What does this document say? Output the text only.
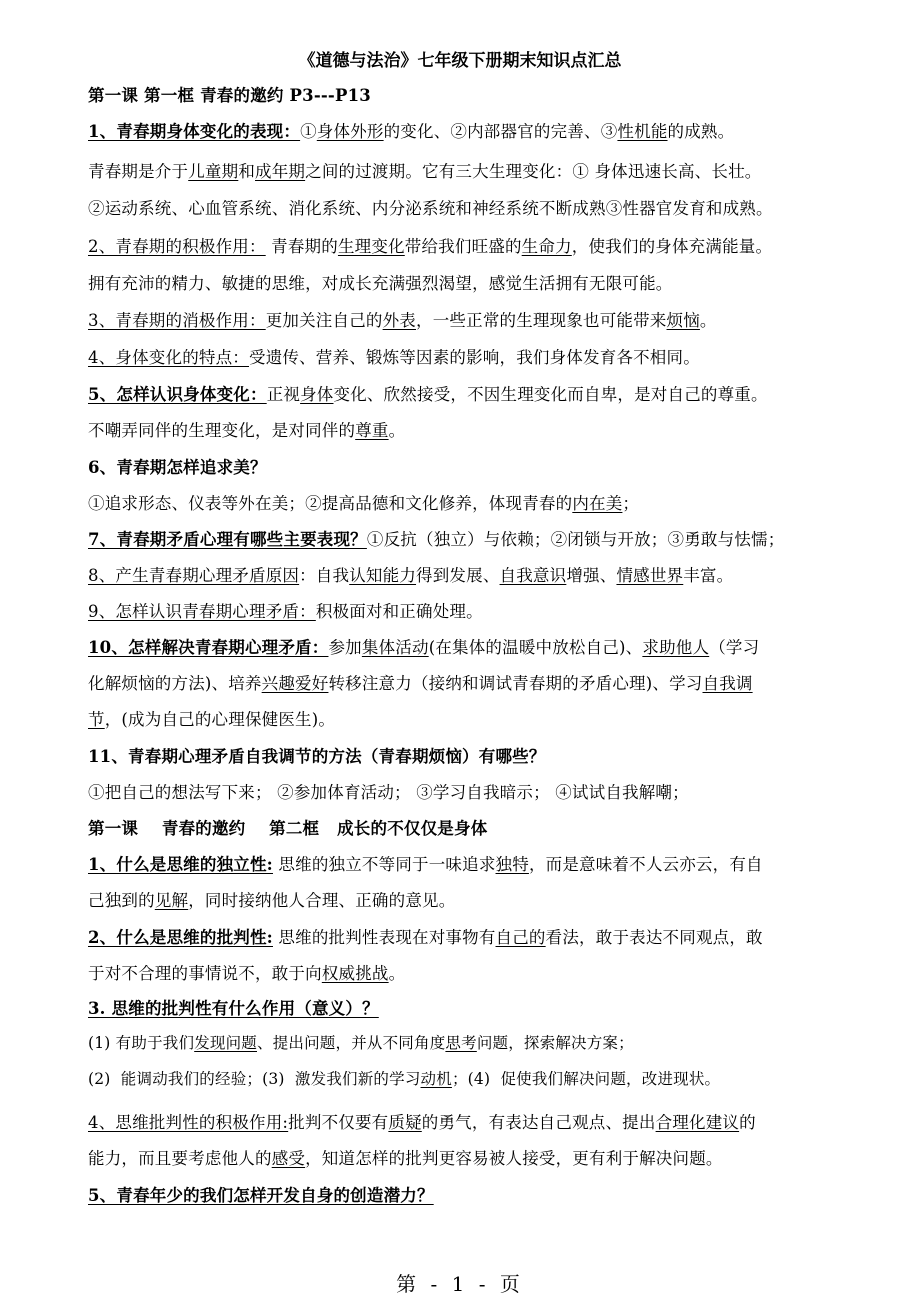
《道德与法治》七年级下册期末知识点汇总
第一课 第一框 青春的邀约 P3---P13
1、青春期身体变化的表现：①身体外形的变化、②内部器官的完善、③性机能的成熟。
青春期是介于儿童期和成年期之间的过渡期。它有三大生理变化：① 身体迅速长高、长壮。
②运动系统、心血管系统、消化系统、内分泌系统和神经系统不断成熟③性器官发育和成熟。
2、青春期的积极作用： 青春期的生理变化带给我们旺盛的生命力，使我们的身体充满能量。
拥有充沛的精力、敏捷的思维，对成长充满强烈渴望，感觉生活拥有无限可能。
3、青春期的消极作用：更加关注自己的外表，一些正常的生理现象也可能带来烦恼。
4、身体变化的特点：受遗传、营养、锻炼等因素的影响，我们身体发育各不相同。
5、怎样认识身体变化：正视身体变化、欣然接受，不因生理变化而自卑，是对自己的尊重。
不嘲弄同伴的生理变化，是对同伴的尊重。
6、青春期怎样追求美？
①追求形态、仪表等外在美；②提高品德和文化修养，体现青春的内在美；
7、青春期矛盾心理有哪些主要表现？①反抗（独立）与依赖；②闭锁与开放；③勇敢与怯懦；
8、产生青春期心理矛盾原因：自我认知能力得到发展、自我意识增强、情感世界丰富。
9、怎样认识青春期心理矛盾：积极面对和正确处理。
10、怎样解决青春期心理矛盾：参加集体活动(在集体的温暖中放松自己)、求助他人（学习
化解烦恼的方法)、培养兴趣爱好转移注意力（接纳和调试青春期的矛盾心理)、学习自我调
节，(成为自己的心理保健医生)。
11、青春期心理矛盾自我调节的方法（青春期烦恼）有哪些？
①把自己的想法写下来； ②参加体育活动； ③学习自我暗示； ④试试自我解嘲；
第一课    青春的邀约    第二框   成长的不仅仅是身体
1、什么是思维的独立性: 思维的独立不等同于一味追求独特，而是意味着不人云亦云，有自
己独到的见解，同时接纳他人合理、正确的意见。
2、什么是思维的批判性: 思维的批判性表现在对事物有自己的看法，敢于表达不同观点，敢
于对不合理的事情说不，敢于向权威挑战。
3. 思维的批判性有什么作用（意义）？
(1) 有助于我们发现问题、提出问题，并从不同角度思考问题，探索解决方案；
(2)  能调动我们的经验；(3)  激发我们新的学习动机；(4)  促使我们解决问题，改进现状。
4、思维批判性的积极作用:批判不仅要有质疑的勇气，有表达自己观点、提出合理化建议的
能力，而且要考虑他人的感受，知道怎样的批判更容易被人接受，更有利于解决问题。
5、青春年少的我们怎样开发自身的创造潜力？
第 - 1 - 页
